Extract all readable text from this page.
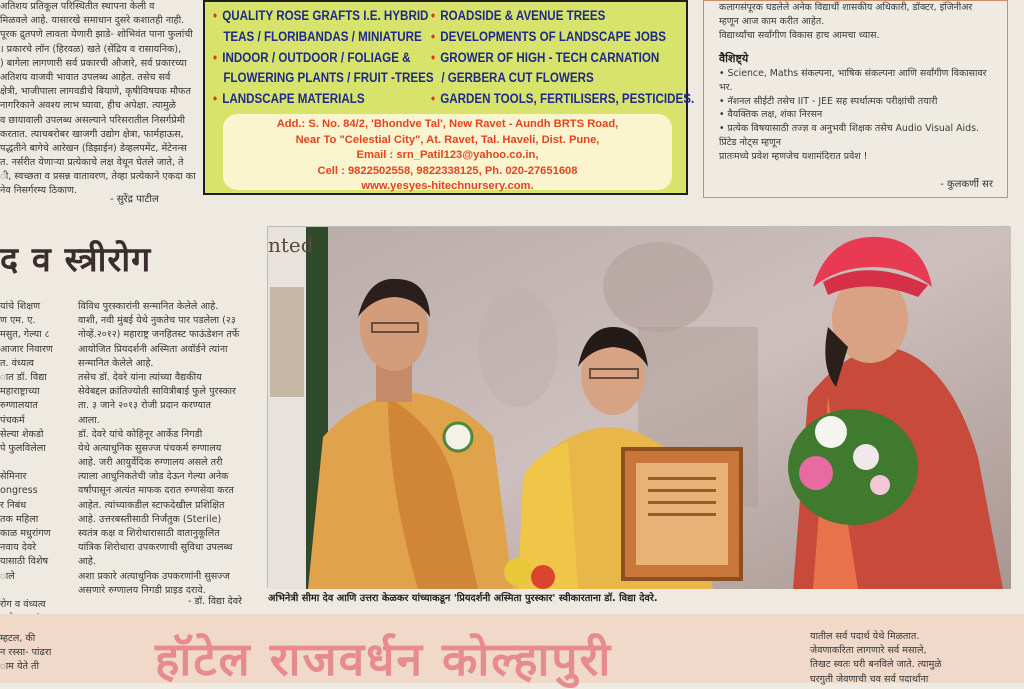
अतिशय प्रतिकूल परिस्थितीत स्थापना केली व
मिळवले आहे. यासारखे समाधान दुसरे कशातही नाही.
पूरक द्रुतपणे लावता येणारी झाडे- शोभिवंत पाना फुलांची
। प्रकारचे लॉन (हिरवळ) खते (सेंद्रिय व रासायनिक),
) बागेला लागणारी सर्व प्रकारची औजारे, सर्व प्रकारच्या
अतिशय वाजवी भावात उपलब्ध आहेत. तसेच सर्व
क्षेत्री, भाजीपाला लागवडीचे बियाणे, कृषीविषयक मौफत
नागरिकाने अवश्य लाभ घ्यावा, हीच अपेक्षा. त्यामुळे
व छायावाली उपलब्ध असल्याने परिसरातील निसर्गप्रेमी
करतात. त्याचबरोबर खाजगी उद्योग क्षेत्रा, फार्महाऊस,
पद्धतीने बागेचे आरेखन (डिझाईन) डेव्हलपमेंट, मेंटेनन्स
त. नर्सरीत येणाऱ्या प्रत्येकाचे लक्ष वेधून घेतले जाते, ते
ी, स्वच्छता व प्रसन्न वातावरण, तेव्हा प्रत्येकाने एकदा का
नेव निसर्गरम्य ठिकाण.
- सुरेंद्र पाटील
• QUALITY ROSE GRAFTS I.E. HYBRID
TEAS / FLORIBANDAS / MINIATURE
• INDOOR / OUTDOOR / FOLIAGE &
FLOWERING PLANTS / FRUIT -TREES
• LANDSCAPE MATERIALS
• ROADSIDE & AVENUE TREES
• DEVELOPMENTS OF LANDSCAPE JOBS
• GROWER OF HIGH - TECH CARNATION
/ GERBERA CUT FLOWERS
• GARDEN TOOLS, FERTILISERS, PESTICIDES.
Add.: S. No. 84/2, 'Bhondve Tal', New Ravet - Aundh BRTS Road,
Near To "Celestial City", At. Ravet, Tal. Haveli, Dist. Pune,
Email : srn_Patil123@yahoo.co.in,
Cell : 9822502558, 9822338125, Ph. 020-27651608
www.yesyes-hitechnursery.com.
कलागसंपूरक घडलेले अनेक विद्यार्थी शासकीय अधिकारी, डॉक्टर, इंजिनीअर
म्हणून आज काम करीत आहेत.
विद्यार्थ्यांचा सर्वांगीण विकास हाच आमचा ध्यास.
वैशिष्ट्ये
• Science, Maths संकल्पना, भाषिक संकल्पना आणि सर्वांगीण विकासावर
भर.
• नॅशनल सीईटी तसेच IIT - JEE सह स्पर्धात्मक परीक्षांची तयारी
• वैयक्तिक लक्ष, शंका निरसन
• प्रत्येक विषयासाठी तज्ज्ञ व अनुभवी शिक्षक तसेच Audio Visual Aids.
प्रिंटेड नोट्स म्हणून
प्रातःमध्ये प्रवेश म्हणजेच यशामंदिरात प्रवेश !
- कुलकर्णी सर
द व स्त्रीरोग
यांचे शिक्षण
ण एम. ए.
मसुत, गेल्या ८
आजार निवारण
त. वंध्यत्व
ात डॉ. विद्या
महाराष्ट्राच्या
रुग्णालयात
पंचकर्म
सेल्या शेकडो
पे फुलविलेला
सेमिनार
ongress
र निबंध
तक महिला
काळ मधुरांगण
नवाय देवरे
यासाठी विशेष
ाले
रोग व वंध्यत्व
विविध पुरस्कारांनी सन्मानित केलेले आहे.
वाशी, नवी मुंबई येथे नुकतेच पार पडलेला (२३
नोव्हें.२०१२) महाराष्ट्र जनहितस्ट फाऊंडेशन तर्फे
आयोजित प्रियदर्शनी अस्मिता अवॉर्डने त्यांना
सन्मानित केलेले आहे.
तसेच डॉ. देवरे यांना त्यांच्या वैद्यकीय
सेवेबद्दल क्रांतिज्योती सावित्रीबाई फुले पुरस्कार
ता. ३ जाने २०१३ रोजी प्रदान करण्यात
आला.
डॉ. देवरे यांचे कोहिनूर आर्केड निगडी
येथे अत्याधुनिक सुसज्ज पंचकर्म रुग्णालय
आहे. जरी आयुर्वेदिक रुग्णालय असले तरी
त्याला आधुनिकतेची जोड देऊन गेल्या अनेक
वर्षांपासून अत्यंत माफक दरात रुग्णसेवा करत
आहेत. त्यांच्याकडील स्टाफदेखील प्रशिक्षित
आहे. उत्तरबस्तीसाठी निर्जंतुक (Sterile)
स्वतंत्र कक्ष व शिरोधारासाठी वातानुकूलित
यांत्रिक शिरोधारा उपकरणाची सुविधा उपलब्ध
आहे.
अशा प्रकारे अत्याधुनिक उपकरणांनी सुसज्ज
असणारे रुग्णालय निगडी प्राइड दरावे.
- डॉ. विद्या देवरे
nted
अभिनेत्री सीमा देव आणि उत्तरा केळकर यांच्याकडून 'प्रियदर्शनी अस्मिता पुरस्कार' स्वीकारताना डॉ. विद्या देवरे.
म्हटल, की
न रस्सा- पांढरा
ाम येते ती	हॉटेल राजवर्धन कोल्हापुरी	यातील सर्व पदार्थ येथे मिळतात.
जेवणाकरिता लागणारे सर्व मसाले,
तिखट स्वतः घरी बनविले जाते. त्यामुळे
घरगुती जेवणाची चव सर्व पदार्थांना
